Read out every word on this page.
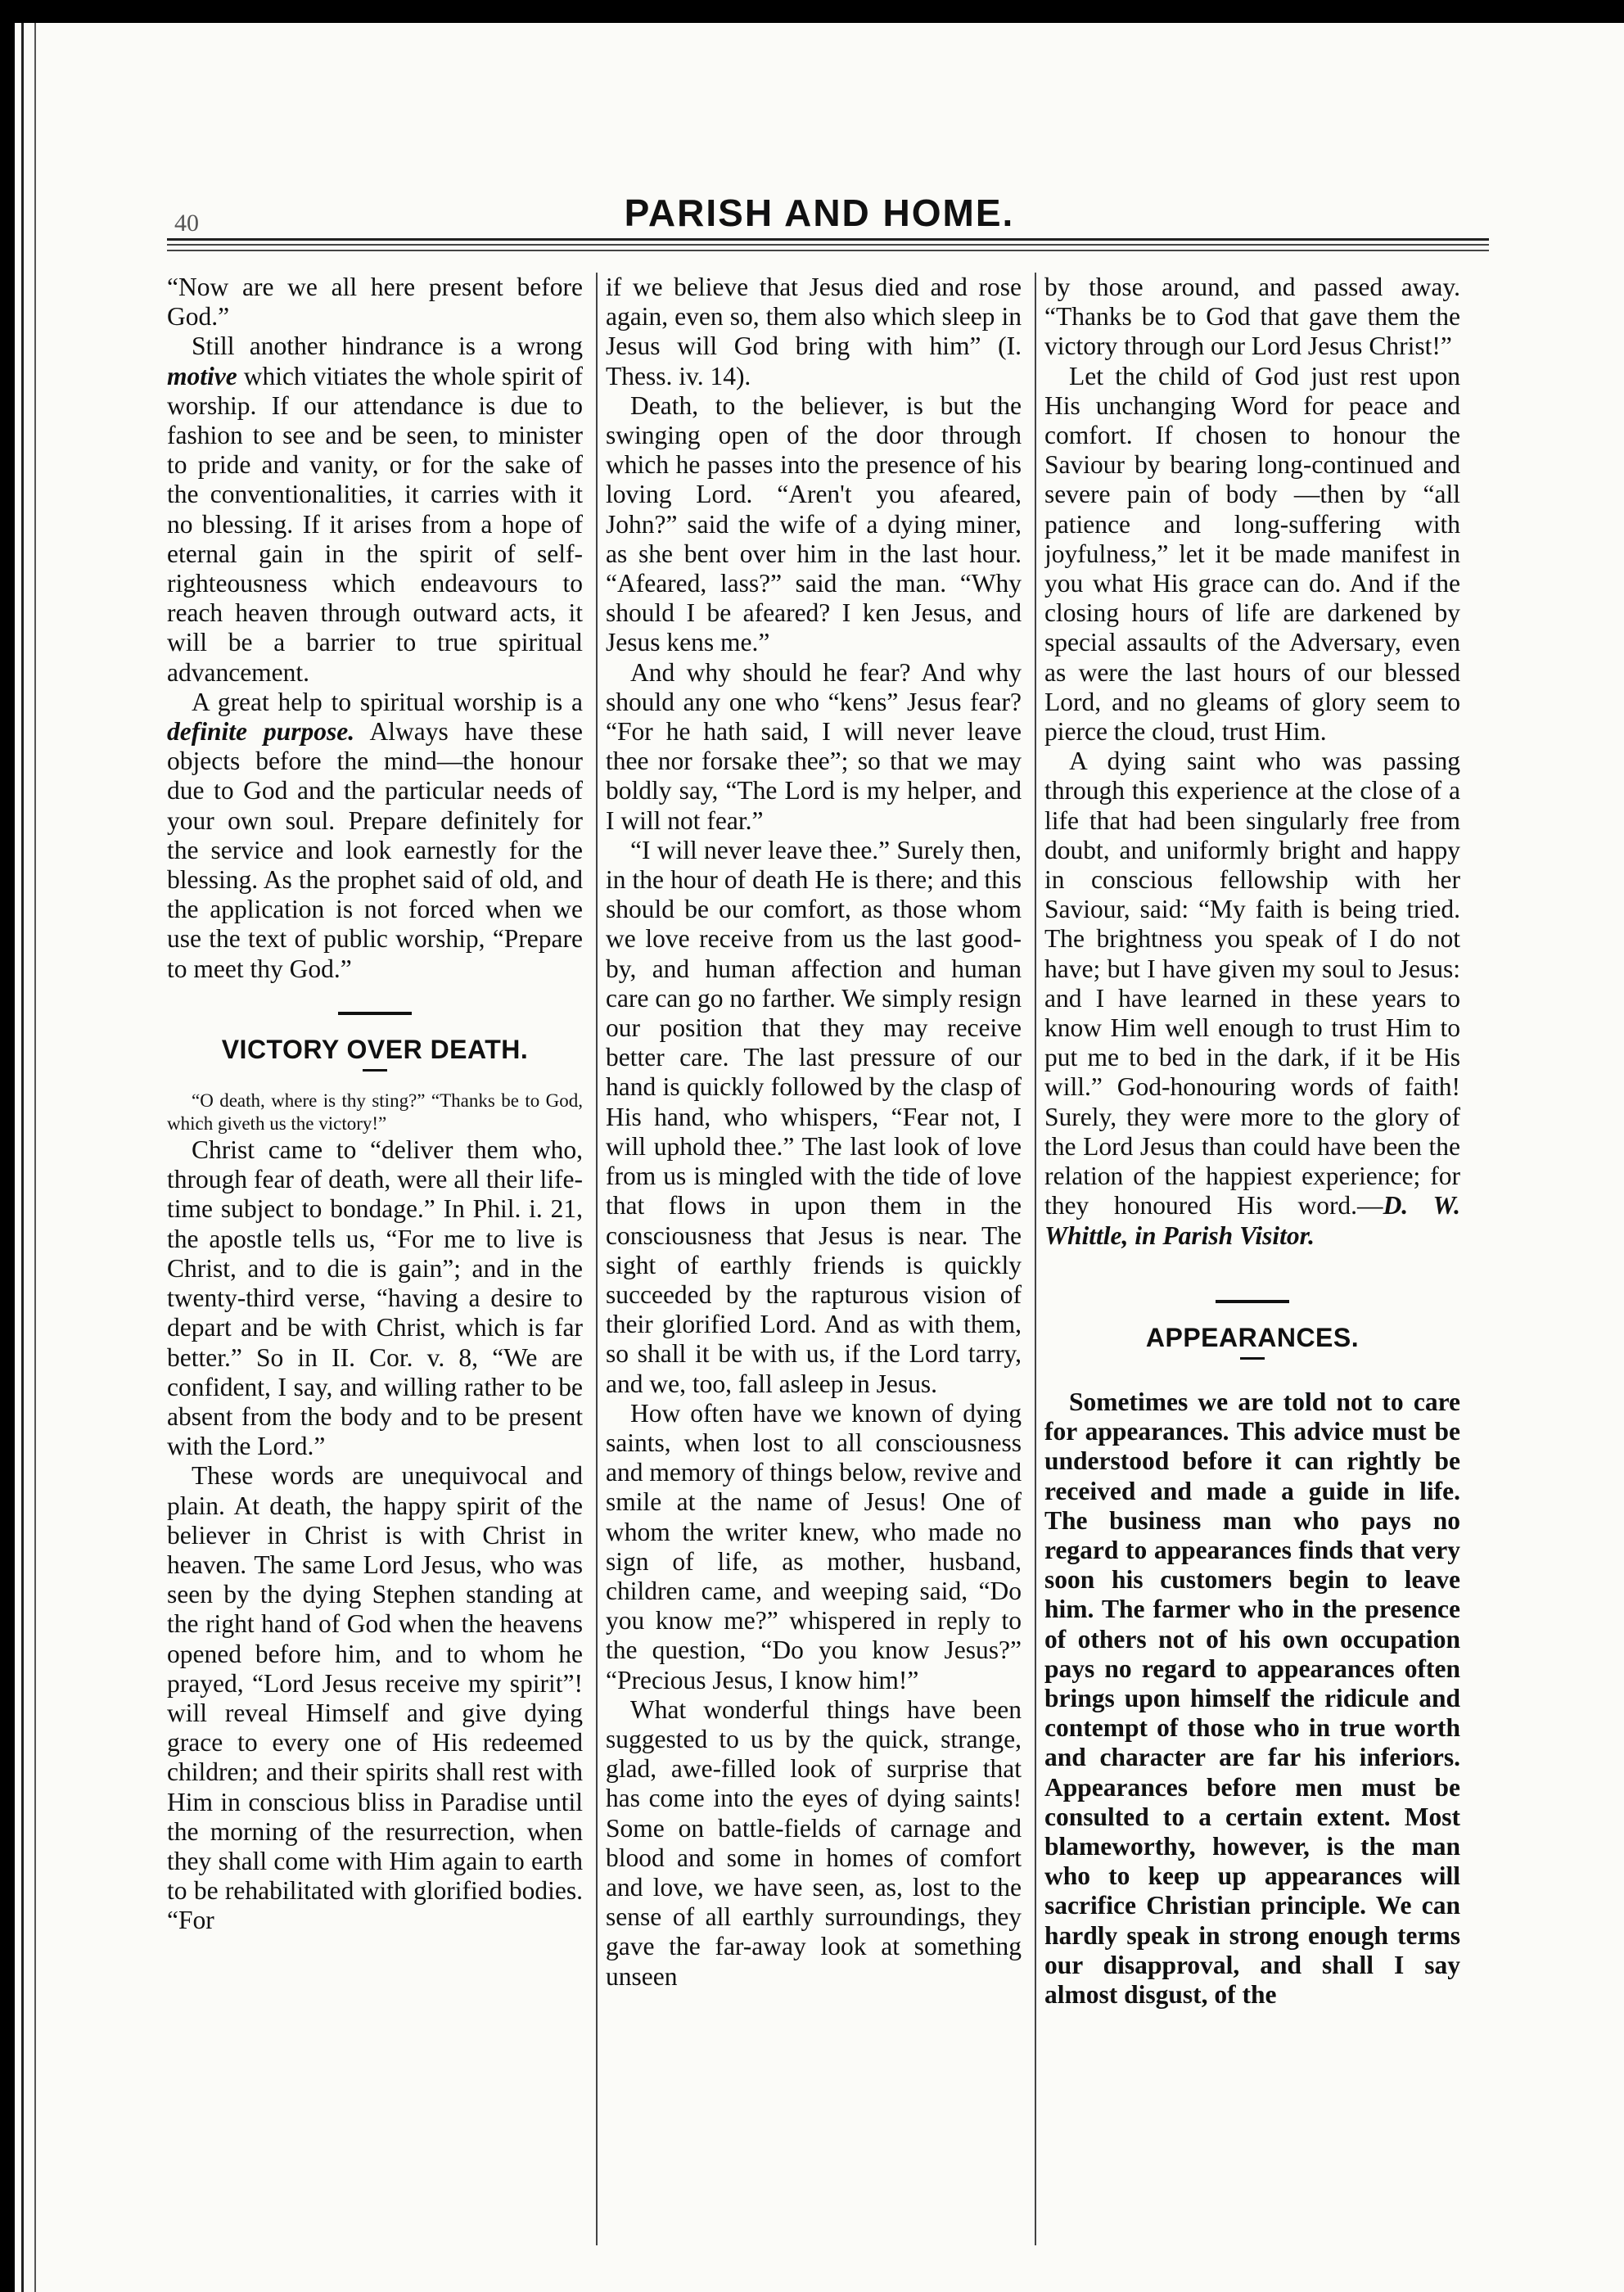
40	PARISH AND HOME.

“Now are we all here present before God.”

Still another hindrance is a wrong motive which vitiates the whole spirit of worship. If our attendance is due to fashion to see and be seen, to minister to pride and vanity, or for the sake of the conventionalities, it carries with it no blessing. If it arises from a hope of eternal gain in the spirit of self-righteousness which endeavours to reach heaven through outward acts, it will be a barrier to true spiritual advancement.

A great help to spiritual worship is a definite purpose. Always have these objects before the mind—the honour due to God and the particular needs of your own soul. Prepare definitely for the service and look earnestly for the blessing. As the prophet said of old, and the application is not forced when we use the text of public worship, “Prepare to meet thy God.”

VICTORY OVER DEATH.

“O death, where is thy sting?” “Thanks be to God, which giveth us the victory!”

Christ came to “deliver them who, through fear of death, were all their life-time subject to bondage.” In Phil. i. 21, the apostle tells us, “For me to live is Christ, and to die is gain”; and in the twenty-third verse, “having a desire to depart and be with Christ, which is far better.” So in II. Cor. v. 8, “We are confident, I say, and willing rather to be absent from the body and to be present with the Lord.”

These words are unequivocal and plain. At death, the happy spirit of the believer in Christ is with Christ in heaven. The same Lord Jesus, who was seen by the dying Stephen standing at the right hand of God when the heavens opened before him, and to whom he prayed, “Lord Jesus receive my spirit”! will reveal Himself and give dying grace to every one of His redeemed children; and their spirits shall rest with Him in conscious bliss in Paradise until the morning of the resurrection, when they shall come with Him again to earth to be rehabilitated with glorified bodies. “For

if we believe that Jesus died and rose again, even so, them also which sleep in Jesus will God bring with him” (I. Thess. iv. 14).

Death, to the believer, is but the swinging open of the door through which he passes into the presence of his loving Lord. “Aren't you afeared, John?” said the wife of a dying miner, as she bent over him in the last hour. “Afeared, lass?” said the man. “Why should I be afeared? I ken Jesus, and Jesus kens me.”

And why should he fear? And why should any one who “kens” Jesus fear? “For he hath said, I will never leave thee nor forsake thee”; so that we may boldly say, “The Lord is my helper, and I will not fear.”

“I will never leave thee.” Surely then, in the hour of death He is there; and this should be our comfort, as those whom we love receive from us the last good-by, and human affection and human care can go no farther. We simply resign our position that they may receive better care. The last pressure of our hand is quickly followed by the clasp of His hand, who whispers, “Fear not, I will uphold thee.” The last look of love from us is mingled with the tide of love that flows in upon them in the consciousness that Jesus is near. The sight of earthly friends is quickly succeeded by the rapturous vision of their glorified Lord. And as with them, so shall it be with us, if the Lord tarry, and we, too, fall asleep in Jesus.

How often have we known of dying saints, when lost to all consciousness and memory of things below, revive and smile at the name of Jesus! One of whom the writer knew, who made no sign of life, as mother, husband, children came, and weeping said, “Do you know me?” whispered in reply to the question, “Do you know Jesus?” “Precious Jesus, I know him!”

What wonderful things have been suggested to us by the quick, strange, glad, awe-filled look of surprise that has come into the eyes of dying saints! Some on battle-fields of carnage and blood and some in homes of comfort and love, we have seen, as, lost to the sense of all earthly surroundings, they gave the far-away look at something unseen

by those around, and passed away. “Thanks be to God that gave them the victory through our Lord Jesus Christ!”

Let the child of God just rest upon His unchanging Word for peace and comfort. If chosen to honour the Saviour by bearing long-continued and severe pain of body —then by “all patience and long-suffering with joyfulness,” let it be made manifest in you what His grace can do. And if the closing hours of life are darkened by special assaults of the Adversary, even as were the last hours of our blessed Lord, and no gleams of glory seem to pierce the cloud, trust Him.

A dying saint who was passing through this experience at the close of a life that had been singularly free from doubt, and uniformly bright and happy in conscious fellowship with her Saviour, said: “My faith is being tried. The brightness you speak of I do not have; but I have given my soul to Jesus: and I have learned in these years to know Him well enough to trust Him to put me to bed in the dark, if it be His will.” God-honouring words of faith! Surely, they were more to the glory of the Lord Jesus than could have been the relation of the happiest experience; for they honoured His word.—D. W. Whittle, in Parish Visitor.

APPEARANCES.

Sometimes we are told not to care for appearances. This advice must be understood before it can rightly be received and made a guide in life. The business man who pays no regard to appearances finds that very soon his customers begin to leave him. The farmer who in the presence of others not of his own occupation pays no regard to appearances often brings upon himself the ridicule and contempt of those who in true worth and character are far his inferiors. Appearances before men must be consulted to a certain extent. Most blameworthy, however, is the man who to keep up appearances will sacrifice Christian principle. We can hardly speak in strong enough terms our disapproval, and shall I say almost disgust, of the
